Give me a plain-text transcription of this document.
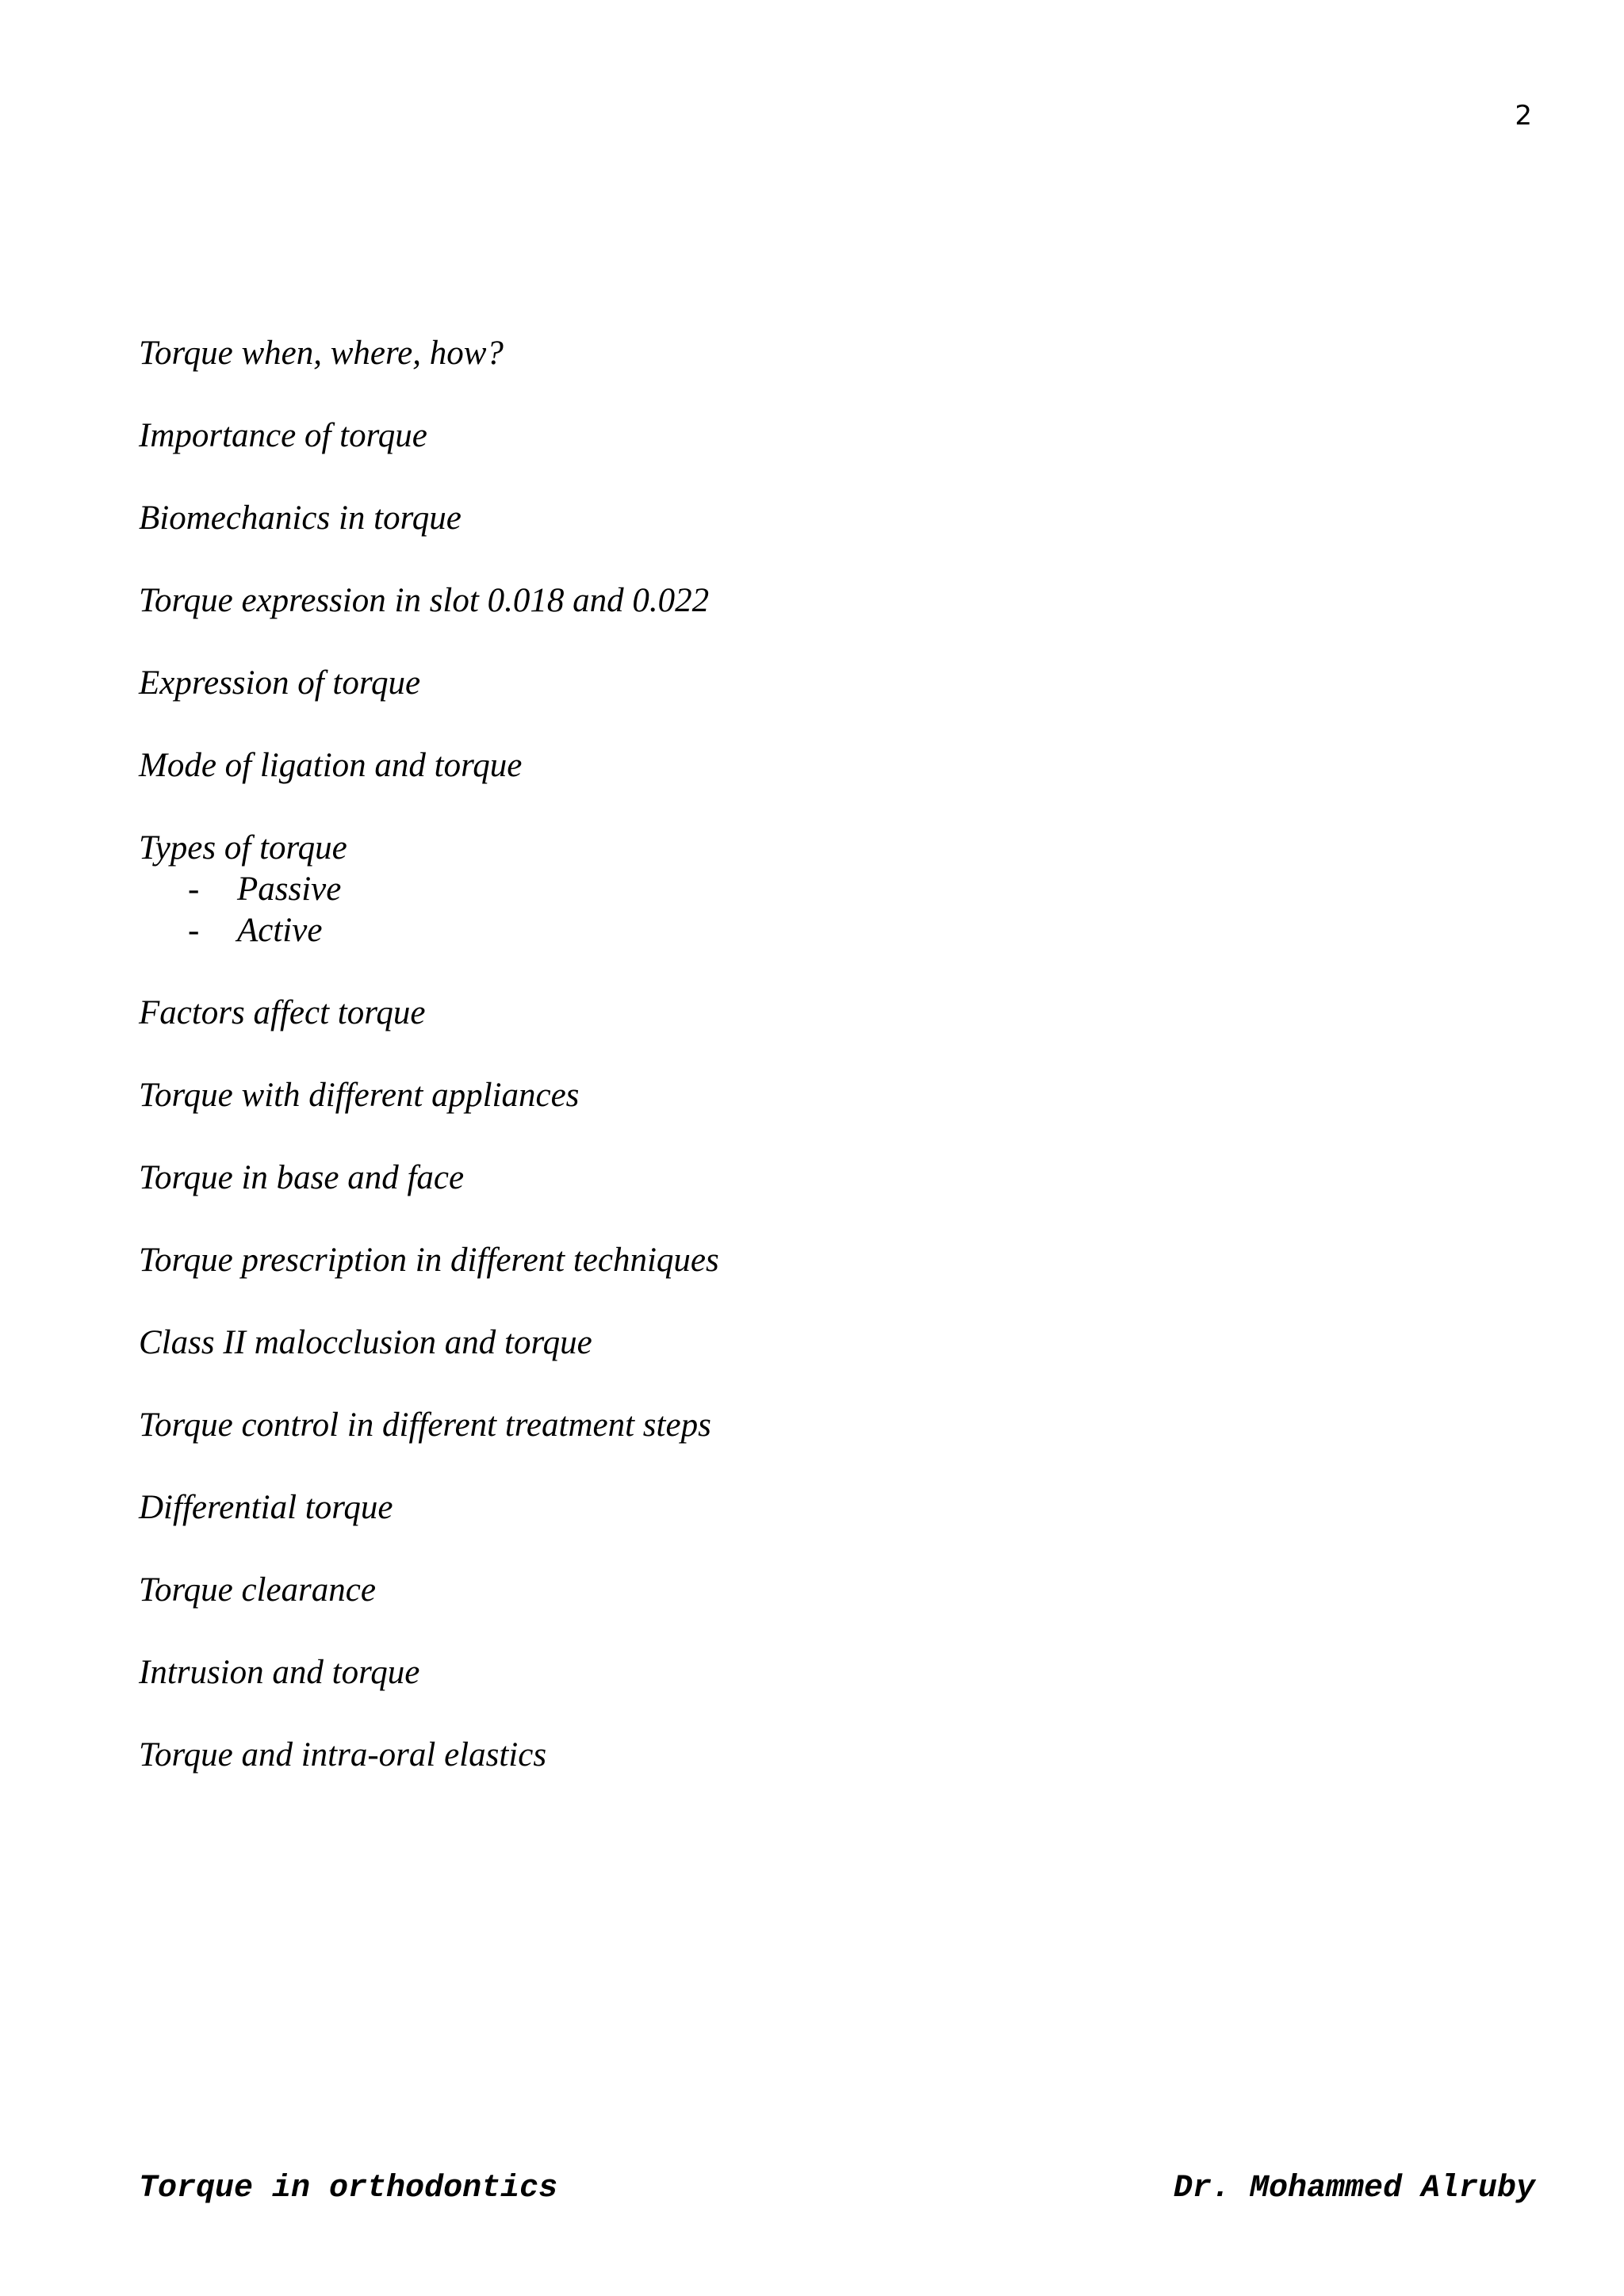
2
Torque when, where, how?
Importance of torque
Biomechanics in torque
Torque expression in slot 0.018 and 0.022
Expression of torque
Mode of ligation and torque
Types of torque
- Passive
- Active
Factors affect torque
Torque with different appliances
Torque in base and face
Torque prescription in different techniques
Class II malocclusion and torque
Torque control in different treatment steps
Differential torque
Torque clearance
Intrusion and torque
Torque and intra-oral elastics
Torque in orthodontics	Dr. Mohammed Alruby
